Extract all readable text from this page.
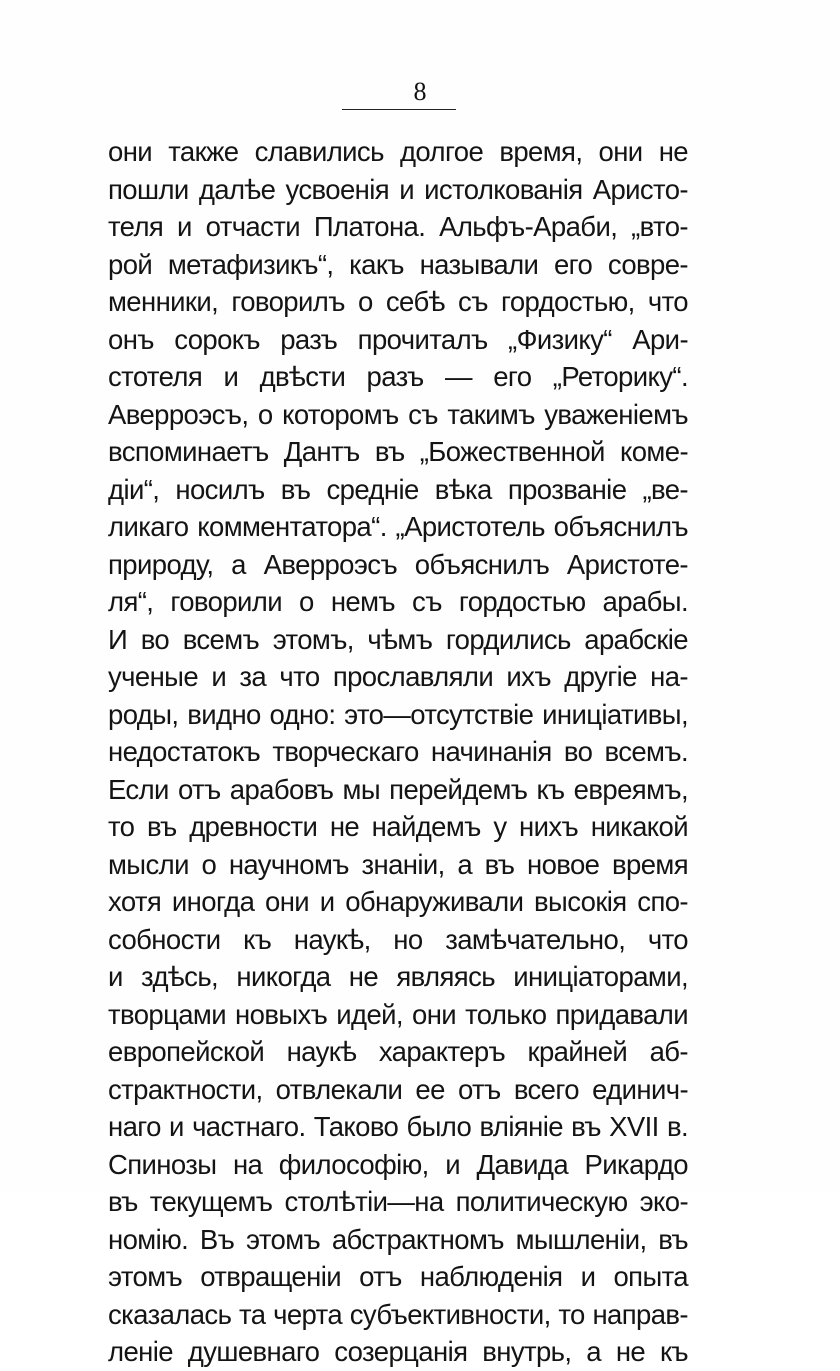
8
они также славились долгое время, они не
пошли далѣе усвоенія и истолкованія Аристо-
теля и отчасти Платона. Альфъ-Араби, „вто-
рой метафизикъ“, какъ называли его совре-
менники, говорилъ о себѣ съ гордостью, что
онъ сорокъ разъ прочиталъ „Физику“ Ари-
стотеля и двѣсти разъ — его „Реторику“.
Аверроэсъ, о которомъ съ такимъ уваженіемъ
вспоминаетъ Дантъ въ „Божественной коме-
діи“, носилъ въ средніе вѣка прозваніе „ве-
ликаго комментатора“. „Аристотель объяснилъ
природу, а Аверроэсъ объяснилъ Аристоте-
ля“, говорили о немъ съ гордостью арабы.
И во всемъ этомъ, чѣмъ гордились арабскіе
ученые и за что прославляли ихъ другіе на-
роды, видно одно: это—отсутствіе иниціативы,
недостатокъ творческаго начинанія во всемъ.
Если отъ арабовъ мы перейдемъ къ евреямъ,
то въ древности не найдемъ у нихъ никакой
мысли о научномъ знаніи, а въ новое время
хотя иногда они и обнаруживали высокія спо-
собности къ наукѣ, но замѣчательно, что
и здѣсь, никогда не являясь иниціаторами,
творцами новыхъ идей, они только придавали
европейской наукѣ характеръ крайней аб-
страктности, отвлекали ее отъ всего единич-
наго и частнаго. Таково было вліяніе въ XVII в.
Спинозы на философію, и Давида Рикардо
въ текущемъ столѣтіи—на политическую эко-
номію. Въ этомъ абстрактномъ мышленіи, въ
этомъ отвращеніи отъ наблюденія и опыта
сказалась та черта субъективности, то направ-
леніе душевнаго созерцанія внутрь, а не къ
